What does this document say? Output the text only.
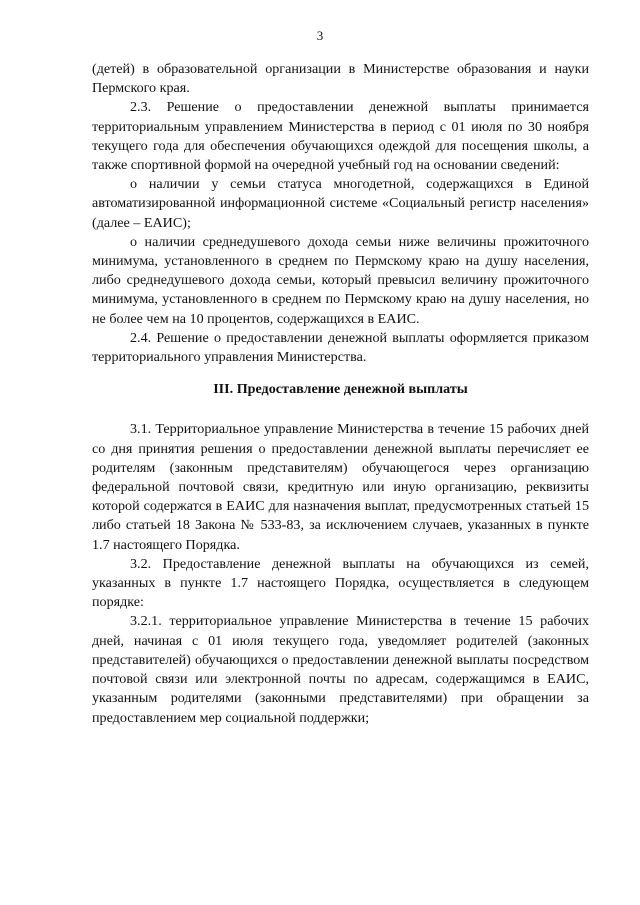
3

(детей) в образовательной организации в Министерстве образования и науки Пермского края.

2.3. Решение о предоставлении денежной выплаты принимается территориальным управлением Министерства в период с 01 июля по 30 ноября текущего года для обеспечения обучающихся одеждой для посещения школы, а также спортивной формой на очередной учебный год на основании сведений:

о наличии у семьи статуса многодетной, содержащихся в Единой автоматизированной информационной системе «Социальный регистр населения» (далее – ЕАИС);

о наличии среднедушевого дохода семьи ниже величины прожиточного минимума, установленного в среднем по Пермскому краю на душу населения, либо среднедушевого дохода семьи, который превысил величину прожиточного минимума, установленного в среднем по Пермскому краю на душу населения, но не более чем на 10 процентов, содержащихся в ЕАИС.

2.4. Решение о предоставлении денежной выплаты оформляется приказом территориального управления Министерства.

III. Предоставление денежной выплаты

3.1. Территориальное управление Министерства в течение 15 рабочих дней со дня принятия решения о предоставлении денежной выплаты перечисляет ее родителям (законным представителям) обучающегося через организацию федеральной почтовой связи, кредитную или иную организацию, реквизиты которой содержатся в ЕАИС для назначения выплат, предусмотренных статьей 15 либо статьей 18 Закона № 533-83, за исключением случаев, указанных в пункте 1.7 настоящего Порядка.

3.2. Предоставление денежной выплаты на обучающихся из семей, указанных в пункте 1.7 настоящего Порядка, осуществляется в следующем порядке:

3.2.1. территориальное управление Министерства в течение 15 рабочих дней, начиная с 01 июля текущего года, уведомляет родителей (законных представителей) обучающихся о предоставлении денежной выплаты посредством почтовой связи или электронной почты по адресам, содержащимся в ЕАИС, указанным родителями (законными представителями) при обращении за предоставлением мер социальной поддержки;
